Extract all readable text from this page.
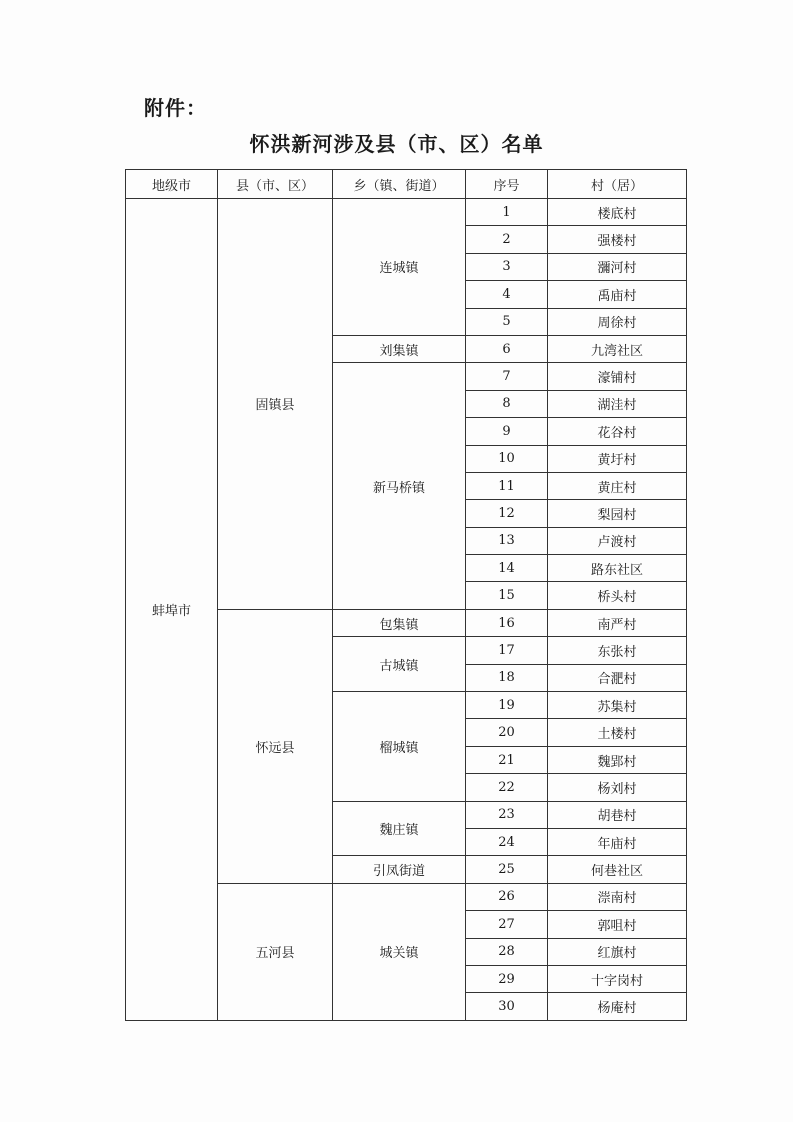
附件：
怀洪新河涉及县（市、区）名单
地级市	县（市、区）	乡（镇、街道）	序号	村（居）
蚌埠市	固镇县	连城镇	1	楼底村
			2	强楼村
			3	瀰河村
			4	禹庙村
			5	周徐村
		刘集镇	6	九湾社区
		新马桥镇	7	濠铺村
			8	湖洼村
			9	花谷村
			10	黄圩村
			11	黄庄村
			12	梨园村
			13	卢渡村
			14	路东社区
			15	桥头村
	怀远县	包集镇	16	南严村
		古城镇	17	东张村
			18	合淝村
		榴城镇	19	苏集村
			20	土楼村
			21	魏郢村
			22	杨刘村
		魏庄镇	23	胡巷村
			24	年庙村
		引凤街道	25	何巷社区
	五河县	城关镇	26	漴南村
			27	郭咀村
			28	红旗村
			29	十字岗村
			30	杨庵村
